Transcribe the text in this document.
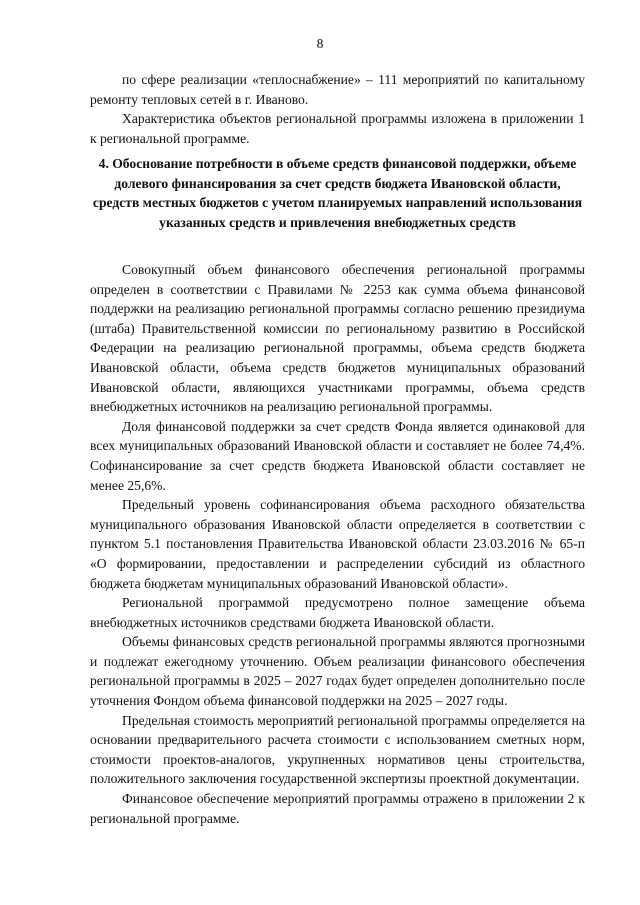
8

по сфере реализации «теплоснабжение» – 111 мероприятий по капитальному ремонту тепловых сетей в г. Иваново.

Характеристика объектов региональной программы изложена в приложении 1 к региональной программе.

4. Обоснование потребности в объеме средств финансовой поддержки, объеме долевого финансирования за счет средств бюджета Ивановской области, средств местных бюджетов с учетом планируемых направлений использования указанных средств и привлечения внебюджетных средств

Совокупный объем финансового обеспечения региональной программы определен в соответствии с Правилами № 2253 как сумма объема финансовой поддержки на реализацию региональной программы согласно решению президиума (штаба) Правительственной комиссии по региональному развитию в Российской Федерации на реализацию региональной программы, объема средств бюджета Ивановской области, объема средств бюджетов муниципальных образований Ивановской области, являющихся участниками программы, объема средств внебюджетных источников на реализацию региональной программы.

Доля финансовой поддержки за счет средств Фонда является одинаковой для всех муниципальных образований Ивановской области и составляет не более 74,4%. Софинансирование за счет средств бюджета Ивановской области составляет не менее 25,6%.

Предельный уровень софинансирования объема расходного обязательства муниципального образования Ивановской области определяется в соответствии с пунктом 5.1 постановления Правительства Ивановской области 23.03.2016 № 65-п «О формировании, предоставлении и распределении субсидий из областного бюджета бюджетам муниципальных образований Ивановской области».

Региональной программой предусмотрено полное замещение объема внебюджетных источников средствами бюджета Ивановской области.

Объемы финансовых средств региональной программы являются прогнозными и подлежат ежегодному уточнению. Объем реализации финансового обеспечения региональной программы в 2025 – 2027 годах будет определен дополнительно после уточнения Фондом объема финансовой поддержки на 2025 – 2027 годы.

Предельная стоимость мероприятий региональной программы определяется на основании предварительного расчета стоимости с использованием сметных норм, стоимости проектов-аналогов, укрупненных нормативов цены строительства, положительного заключения государственной экспертизы проектной документации.

Финансовое обеспечение мероприятий программы отражено в приложении 2 к региональной программе.
